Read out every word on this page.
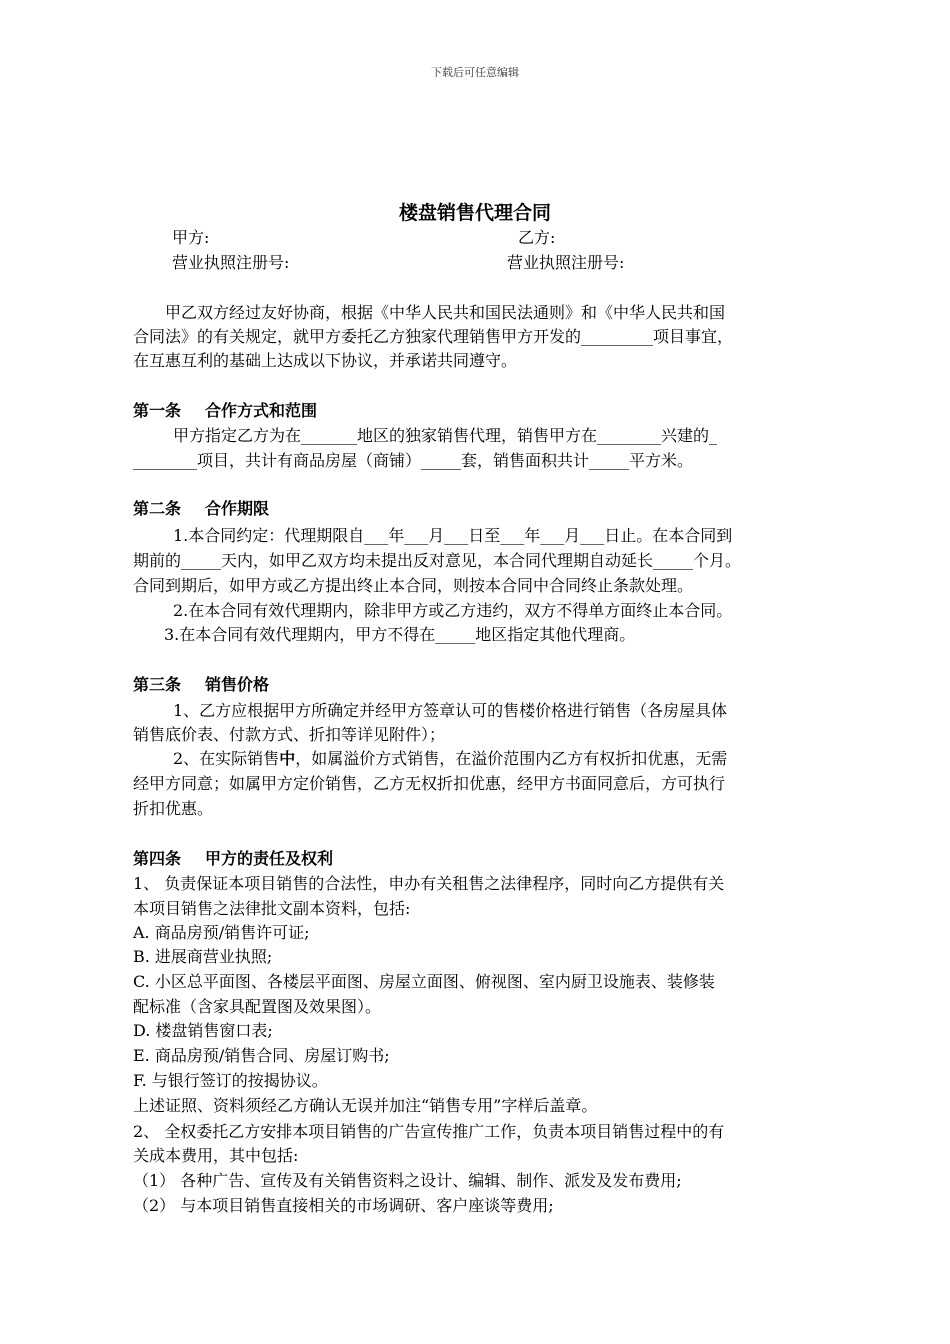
下载后可任意编辑
楼盘销售代理合同
甲方:	乙方:
营业执照注册号:	营业执照注册号:
甲乙双方经过友好协商，根据《中华人民共和国民法通则》和《中华人民共和国
合同法》的有关规定，就甲方委托乙方独家代理销售甲方开发的_________项目事宜，
在互惠互利的基础上达成以下协议，并承诺共同遵守。
第一条 合作方式和范围
甲方指定乙方为在_______地区的独家销售代理，销售甲方在________兴建的_
________项目，共计有商品房屋（商铺）_____套，销售面积共计_____平方米。
第二条 合作期限
1.本合同约定：代理期限自___年___月___日至___年___月___日止。在本合同到
期前的_____天内，如甲乙双方均未提出反对意见，本合同代理期自动延长_____个月。
合同到期后，如甲方或乙方提出终止本合同，则按本合同中合同终止条款处理。
2.在本合同有效代理期内，除非甲方或乙方违约，双方不得单方面终止本合同。
3.在本合同有效代理期内，甲方不得在_____地区指定其他代理商。
第三条 销售价格
1、乙方应根据甲方所确定并经甲方签章认可的售楼价格进行销售（各房屋具体
销售底价表、付款方式、折扣等详见附件）；
2、在实际销售中，如属溢价方式销售，在溢价范围内乙方有权折扣优惠，无需
经甲方同意；如属甲方定价销售，乙方无权折扣优惠，经甲方书面同意后，方可执行
折扣优惠。
第四条 甲方的责任及权利
1、 负责保证本项目销售的合法性，申办有关租售之法律程序，同时向乙方提供有关
本项目销售之法律批文副本资料，包括:
A. 商品房预/销售许可证;
B. 进展商营业执照;
C. 小区总平面图、各楼层平面图、房屋立面图、俯视图、室内厨卫设施表、装修装
配标准（含家具配置图及效果图）。
D. 楼盘销售窗口表;
E. 商品房预/销售合同、房屋订购书;
F. 与银行签订的按揭协议。
上述证照、资料须经乙方确认无误并加注“销售专用”字样后盖章。
2、 全权委托乙方安排本项目销售的广告宣传推广工作，负责本项目销售过程中的有
关成本费用，其中包括:
（1） 各种广告、宣传及有关销售资料之设计、编辑、制作、派发及发布费用;
（2） 与本项目销售直接相关的市场调研、客户座谈等费用;
